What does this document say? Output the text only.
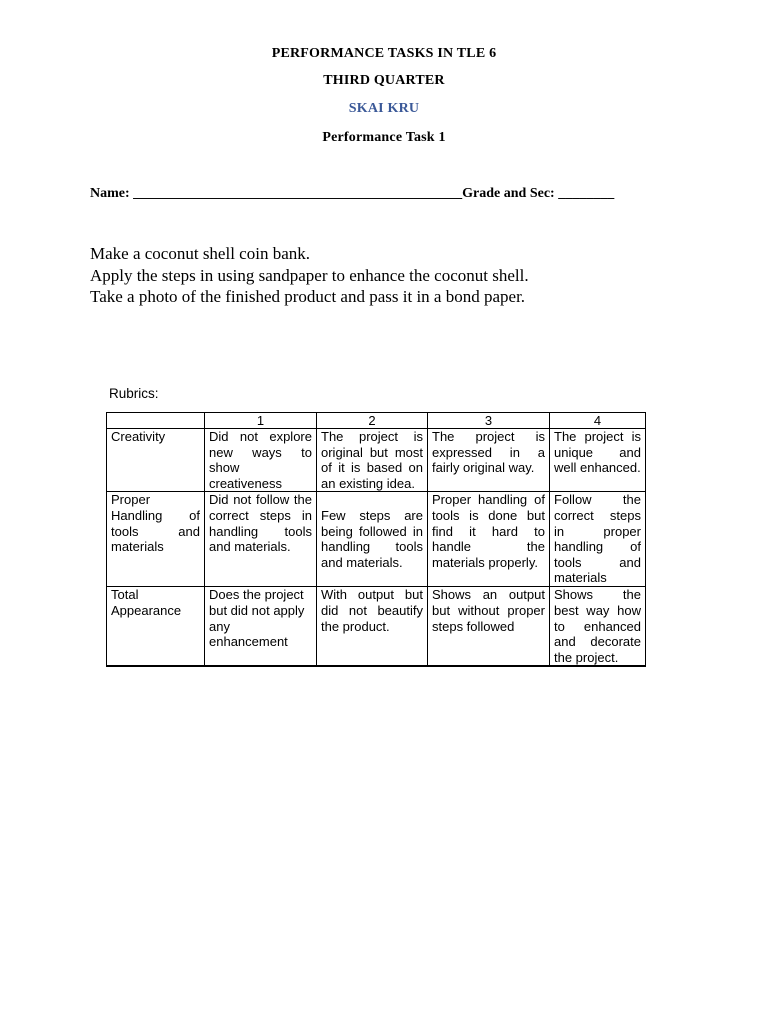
PERFORMANCE TASKS IN TLE 6
THIRD QUARTER
SKAI KRU
Performance Task 1
Name: _______________________________________________Grade and Sec: ________
Make a coconut shell coin bank.
Apply the steps in using sandpaper to enhance the coconut shell.
Take a photo of the finished product and pass it in a bond paper.
Rubrics:
	1	2	3	4
Creativity	Did not explore new ways to show creativeness	The project is original but most of it is based on an existing idea.	The project is expressed in a fairly original way.	The project is unique and well enhanced.
Proper Handling of tools and materials	Did not follow the correct steps in handling tools and materials.	Few steps are being followed in handling tools and materials.	Proper handling of tools is done but find it hard to handle the materials properly.	Follow the correct steps in proper handling of tools and materials
Total Appearance	Does the project but did not apply any enhancement	With output but did not beautify the product.	Shows an output but without proper steps followed	Shows the best way how to enhanced and decorate the project.
